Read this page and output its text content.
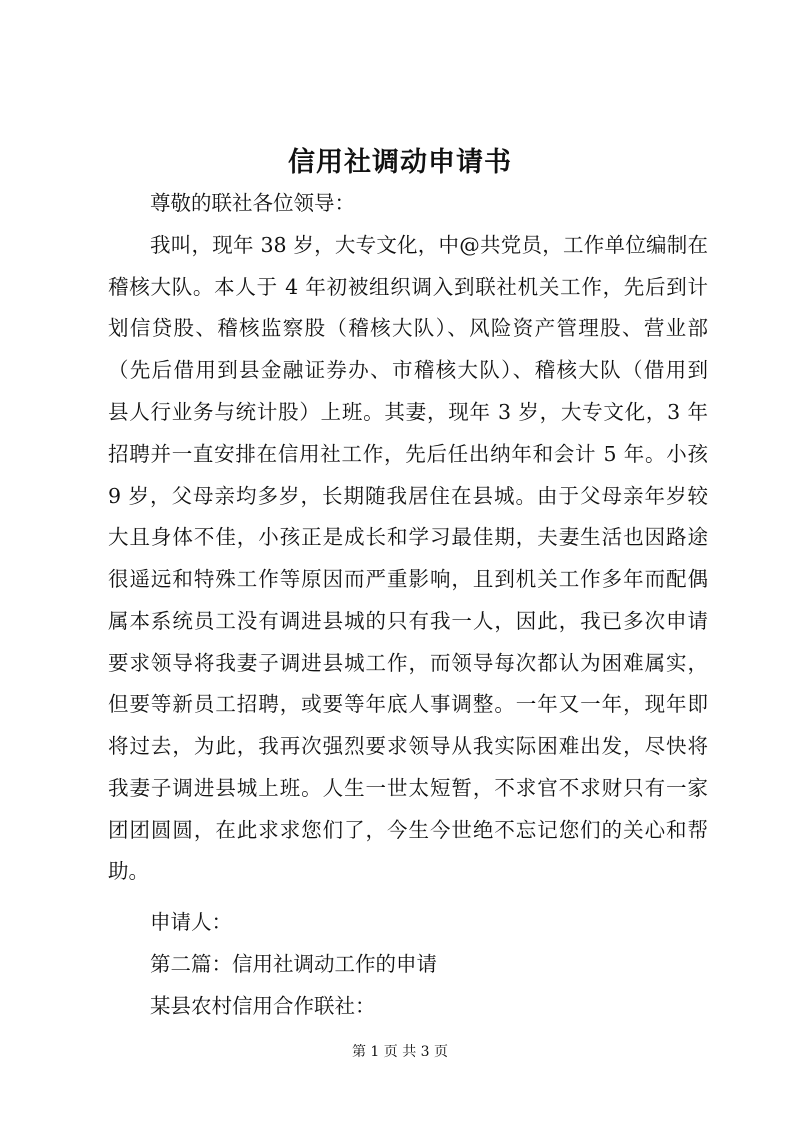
信用社调动申请书

尊敬的联社各位领导：

我叫，现年 38 岁，大专文化，中@共党员，工作单位编制在

稽核大队。本人于 4 年初被组织调入到联社机关工作，先后到计

划信贷股、稽核监察股（稽核大队）、风险资产管理股、营业部

（先后借用到县金融证券办、市稽核大队）、稽核大队（借用到

县人行业务与统计股）上班。其妻，现年 3 岁，大专文化，3 年

招聘并一直安排在信用社工作，先后任出纳年和会计 5 年。小孩

9 岁，父母亲均多岁，长期随我居住在县城。由于父母亲年岁较

大且身体不佳，小孩正是成长和学习最佳期，夫妻生活也因路途

很遥远和特殊工作等原因而严重影响，且到机关工作多年而配偶

属本系统员工没有调进县城的只有我一人，因此，我已多次申请

要求领导将我妻子调进县城工作，而领导每次都认为困难属实，

但要等新员工招聘，或要等年底人事调整。一年又一年，现年即

将过去，为此，我再次强烈要求领导从我实际困难出发，尽快将

我妻子调进县城上班。人生一世太短暂，不求官不求财只有一家

团团圆圆，在此求求您们了，今生今世绝不忘记您们的关心和帮

助。

申请人：

第二篇：信用社调动工作的申请

某县农村信用合作联社：

第 1 页 共 3 页
